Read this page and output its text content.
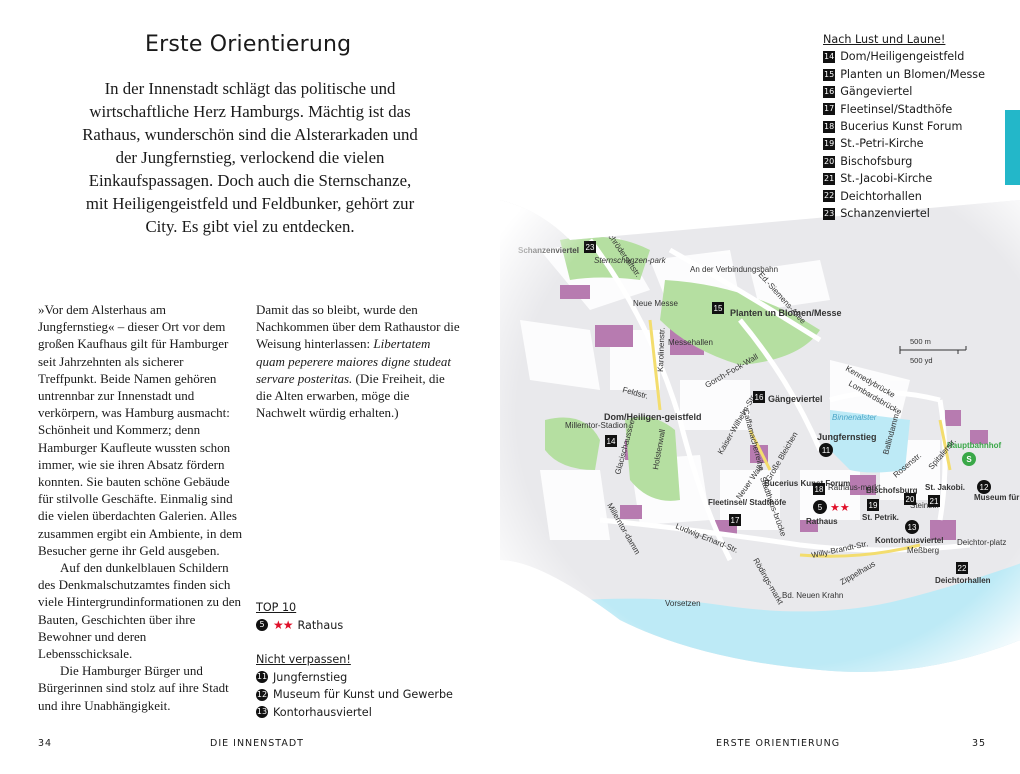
Erste Orientierung
In der Innenstadt schlägt das politische und wirtschaftliche Herz Hamburgs. Mächtig ist das Rathaus, wunderschön sind die Alsterarkaden und der Jungfernstieg, verlockend die vielen Einkaufspassagen. Doch auch die Sternschanze, mit Heiligengeistfeld und Feldbunker, gehört zur City. Es gibt viel zu entdecken.

»Vor dem Alsterhaus am Jungfernstieg« – dieser Ort vor dem großen Kaufhaus gilt für Hamburger seit Jahrzehnten als sicherer Treffpunkt. Beide Namen gehören untrennbar zur Innenstadt und verkörpern, was Hamburg ausmacht: Schönheit und Kommerz; denn Hamburger Kaufleute wussten schon immer, wie sie ihren Absatz fördern konnten. Sie bauten schöne Gebäude für stilvolle Geschäfte. Einmalig sind die vielen überdachten Galerien. Alles zusammen ergibt ein Ambiente, in dem Besucher gerne ihr Geld ausgeben.

Auf den dunkelblauen Schildern des Denkmalschutzamtes finden sich viele Hintergrundinformationen zu den Bauten, Geschichten über ihre Bewohner und deren Lebensschicksale.

Die Hamburger Bürger und Bürgerinnen sind stolz auf ihre Stadt und ihre Unabhängigkeit.

Damit das so bleibt, wurde den Nachkommen über dem Rathaustor die Weisung hinterlassen: Libertatem quam peperere maiores digne studeat servare posteritas. (Die Freiheit, die die Alten erwarben, möge die Nachwelt würdig erhalten.)

TOP 10
5 ★★ Rathaus
Nicht verpassen!
11 Jungfernstieg
12 Museum für Kunst und Gewerbe
13 Kontorhausviertel
34	DIE INNENSTADT
500 m
500 yd
Nach Lust und Laune!
14 Dom/Heiligengeistfeld
15 Planten un Blomen/Messe
16 Gängeviertel
17 Fleetinsel/Stadthöfe
18 Bucerius Kunst Forum
19 St.-Petri-Kirche
20 Bischofsburg
21 St.-Jacobi-Kirche
22 Deichtorhallen
23 Schanzenviertel
ERSTE ORIENTIERUNG	35
